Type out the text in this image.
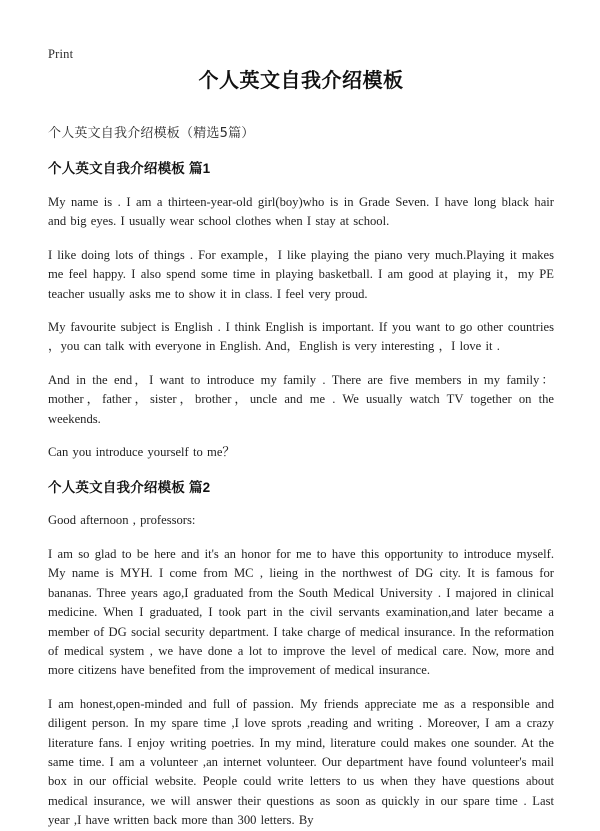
Print
个人英文自我介绍模板
个人英文自我介绍模板（精选5篇）
个人英文自我介绍模板 篇1

My name is . I am a thirteen-year-old girl(boy)who is in Grade Seven. I have long black hair and big eyes. I usually wear school clothes when I stay at school.

I like doing lots of things . For example，I like playing the piano very much.Playing it makes me feel happy. I also spend some time in playing basketball. I am good at playing it，my PE teacher usually asks me to show it in class. I feel very proud.

My favourite subject is English . I think English is important. If you want to go other countries ，you can talk with everyone in English. And，English is very interesting ，I love it .

And in the end，I want to introduce my family . There are five members in my family：mother，father，sister，brother，uncle and me . We usually watch TV together on the weekends.

Can you introduce yourself to me？

个人英文自我介绍模板 篇2

Good afternoon , professors:

I am so glad to be here and it's an honor for me to have this opportunity to introduce myself. My name is MYH. I come from MC , lieing in the northwest of DG city. It is famous for bananas. Three years ago,I graduated from the South Medical University . I majored in clinical medicine. When I graduated, I took part in the civil servants examination,and later became a member of DG social security department. I take charge of medical insurance. In the reformation of medical system , we have done a lot to improve the level of medical care. Now, more and more citizens have benefited from the improvement of medical insurance.

I am honest,open-minded and full of passion. My friends appreciate me as a responsible and diligent person. In my spare time ,I love sprots ,reading and writing . Moreover, I am a crazy literature fans. I enjoy writing poetries. In my mind, literature could makes one sounder. At the same time. I am a volunteer ,an internet volunteer. Our department have found volunteer's mail box in our official website. People could write letters to us when they have questions about medical insurance, we will answer their questions as soon as quickly in our spare time . Last year ,I have written back more than 300 letters. By
